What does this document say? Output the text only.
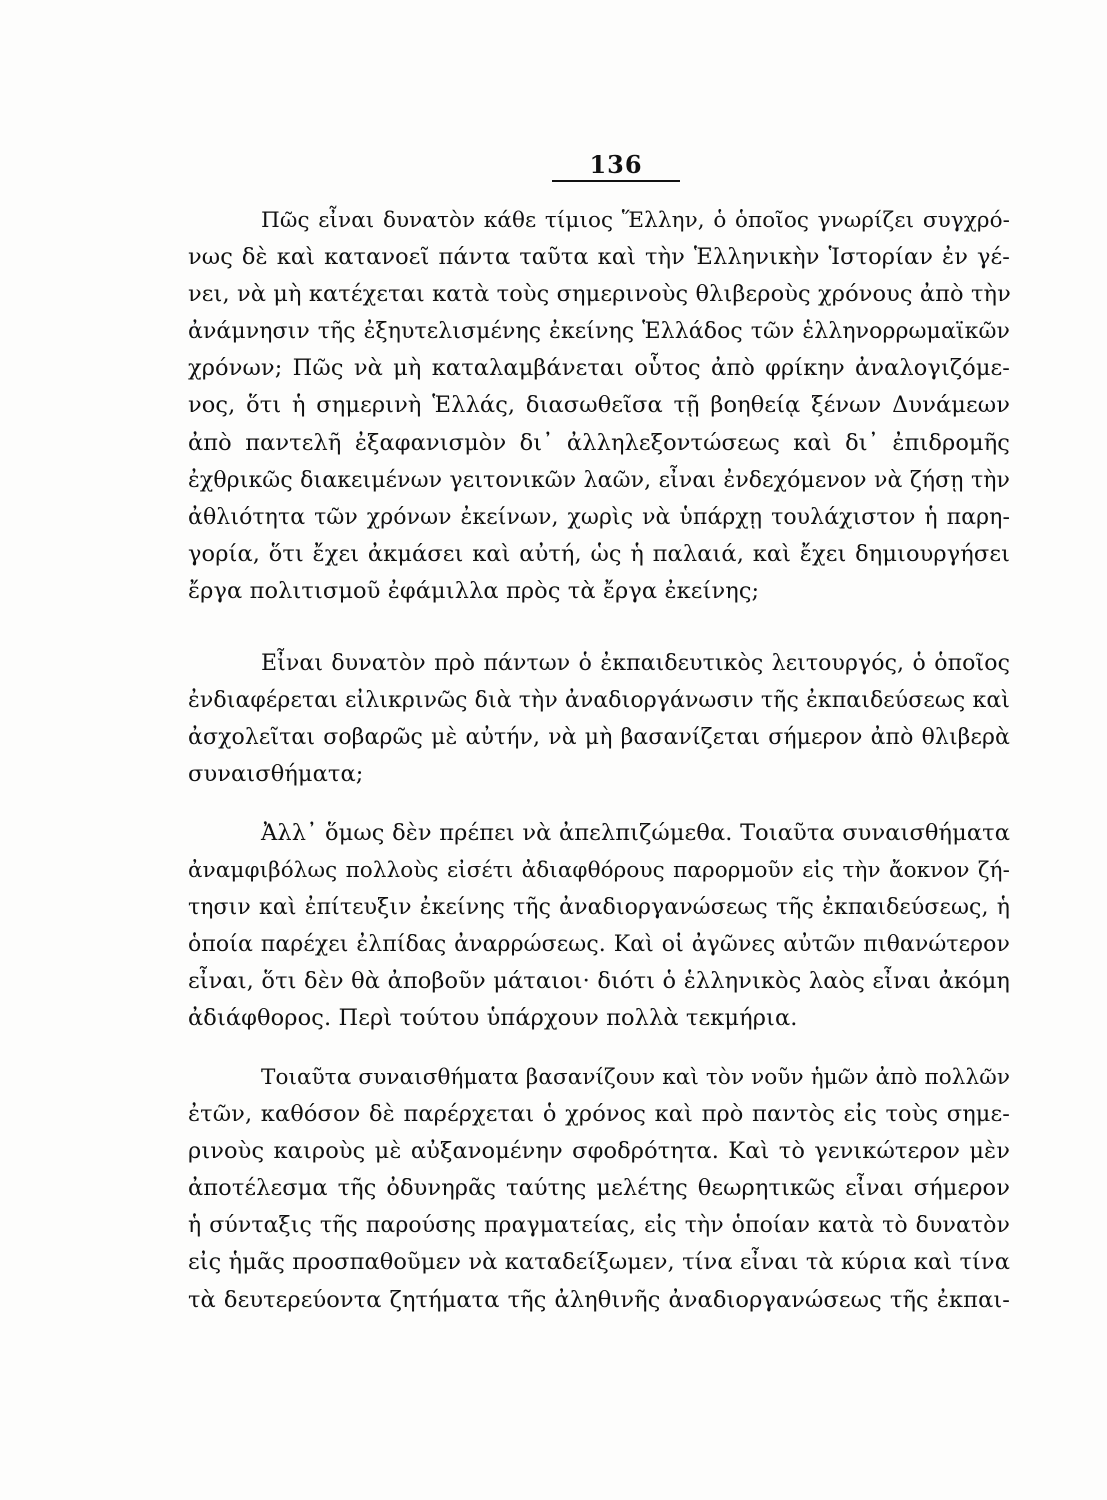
136
Πῶς εἶναι δυνατὸν κάθε τίμιος Ἕλλην, ὁ ὁποῖος γνωρίζει συγχρό-
νως δὲ καὶ κατανοεῖ πάντα ταῦτα καὶ τὴν Ἑλληνικὴν Ἱστορίαν ἐν γέ-
νει, νὰ μὴ κατέχεται κατὰ τοὺς σημερινοὺς θλιβεροὺς χρόνους ἀπὸ τὴν
ἀνάμνησιν τῆς ἐξηυτελισμένης ἐκείνης Ἑλλάδος τῶν ἑλληνορρωμαϊκῶν
χρόνων; Πῶς νὰ μὴ καταλαμβάνεται οὗτος ἀπὸ φρίκην ἀναλογιζόμε-
νος, ὅτι ἡ σημερινὴ Ἑλλάς, διασωθεῖσα τῇ βοηθείᾳ ξένων Δυνάμεων
ἀπὸ παντελῆ ἐξαφανισμὸν δι᾽ ἀλληλεξοντώσεως καὶ δι᾽ ἐπιδρομῆς
ἐχθρικῶς διακειμένων γειτονικῶν λαῶν, εἶναι ἐνδεχόμενον νὰ ζήσῃ τὴν
ἀθλιότητα τῶν χρόνων ἐκείνων, χωρὶς νὰ ὑπάρχῃ τουλάχιστον ἡ παρη-
γορία, ὅτι ἔχει ἀκμάσει καὶ αὐτή, ὡς ἡ παλαιά, καὶ ἔχει δημιουργήσει
ἔργα πολιτισμοῦ ἐφάμιλλα πρὸς τὰ ἔργα ἐκείνης;
Εἶναι δυνατὸν πρὸ πάντων ὁ ἐκπαιδευτικὸς λειτουργός, ὁ ὁποῖος
ἐνδιαφέρεται εἰλικρινῶς διὰ τὴν ἀναδιοργάνωσιν τῆς ἐκπαιδεύσεως καὶ
ἀσχολεῖται σοβαρῶς μὲ αὐτήν, νὰ μὴ βασανίζεται σήμερον ἀπὸ θλιβερὰ
συναισθήματα;
Ἀλλ᾽ ὅμως δὲν πρέπει νὰ ἀπελπιζώμεθα. Τοιαῦτα συναισθήματα
ἀναμφιβόλως πολλοὺς εἰσέτι ἀδιαφθόρους παρορμοῦν εἰς τὴν ἄοκνον ζή-
τησιν καὶ ἐπίτευξιν ἐκείνης τῆς ἀναδιοργανώσεως τῆς ἐκπαιδεύσεως, ἡ
ὁποία παρέχει ἐλπίδας ἀναρρώσεως. Καὶ οἱ ἀγῶνες αὐτῶν πιθανώτερον
εἶναι, ὅτι δὲν θὰ ἀποβοῦν μάταιοι· διότι ὁ ἑλληνικὸς λαὸς εἶναι ἀκόμη
ἀδιάφθορος. Περὶ τούτου ὑπάρχουν πολλὰ τεκμήρια.
Τοιαῦτα συναισθήματα βασανίζουν καὶ τὸν νοῦν ἡμῶν ἀπὸ πολλῶν
ἐτῶν, καθόσον δὲ παρέρχεται ὁ χρόνος καὶ πρὸ παντὸς εἰς τοὺς σημε-
ρινοὺς καιροὺς μὲ αὐξανομένην σφοδρότητα. Καὶ τὸ γενικώτερον μὲν
ἀποτέλεσμα τῆς ὀδυνηρᾶς ταύτης μελέτης θεωρητικῶς εἶναι σήμερον
ἡ σύνταξις τῆς παρούσης πραγματείας, εἰς τὴν ὁποίαν κατὰ τὸ δυνατὸν
εἰς ἡμᾶς προσπαθοῦμεν νὰ καταδείξωμεν, τίνα εἶναι τὰ κύρια καὶ τίνα
τὰ δευτερεύοντα ζητήματα τῆς ἀληθινῆς ἀναδιοργανώσεως τῆς ἐκπαι-
